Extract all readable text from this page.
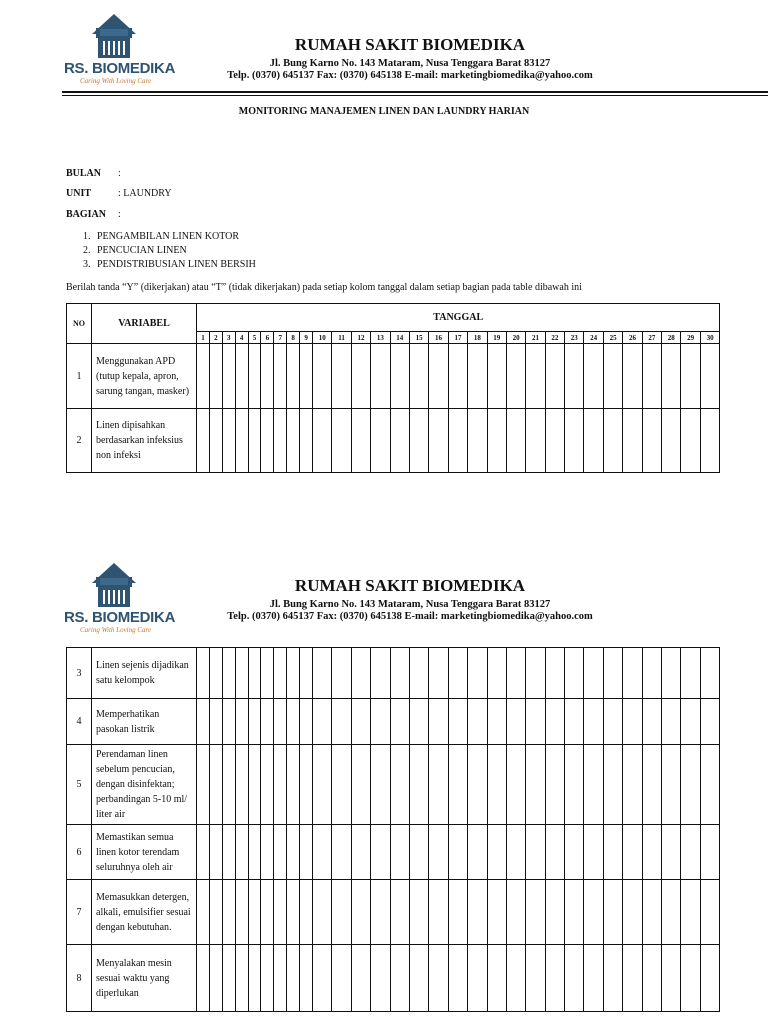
RS. BIOMEDIKA
Caring With Loving Care
RUMAH SAKIT BIOMEDIKA
Jl. Bung Karno No. 143 Mataram, Nusa Tenggara Barat 83127
Telp. (0370) 645137 Fax: (0370) 645138 E-mail: marketingbiomedika@yahoo.com
MONITORING MANAJEMEN LINEN DAN LAUNDRY HARIAN
BULAN :
UNIT	: LAUNDRY
BAGIAN :
1. PENGAMBILAN LINEN KOTOR
2. PENCUCIAN LINEN
3. PENDISTRIBUSIAN LINEN BERSIH
Berilah tanda “Y” (dikerjakan) atau “T” (tidak dikerjakan) pada setiap kolom tanggal dalam setiap bagian pada table dibawah ini
NO	VARIABEL	TANGGAL																													
		1	2	3	4	5	6	7	8	9	10	11	12	13	14	15	16	17	18	19	20	21	22	23	24	25	26	27	28	29	30
1	Menggunakan APD (tutup kepala, apron, sarung tangan, masker)																														
2	Linen dipisahkan berdasarkan infeksius non infeksi																														
RS. BIOMEDIKA
Caring With Loving Care
RUMAH SAKIT BIOMEDIKA
Jl. Bung Karno No. 143 Mataram, Nusa Tenggara Barat 83127
Telp. (0370) 645137 Fax: (0370) 645138 E-mail: marketingbiomedika@yahoo.com
3	Linen sejenis dijadikan satu kelompok																														
4	Memperhatikan pasokan listrik																														
5	Perendaman linen sebelum pencucian, dengan disinfektan; perbandingan 5-10 ml/ liter air																														
6	Memastikan semua linen kotor terendam seluruhnya oleh air																														
7	Memasukkan detergen, alkali, emulsifier sesuai dengan kebutuhan.																														
8	Menyalakan mesin sesuai waktu yang diperlukan																														
